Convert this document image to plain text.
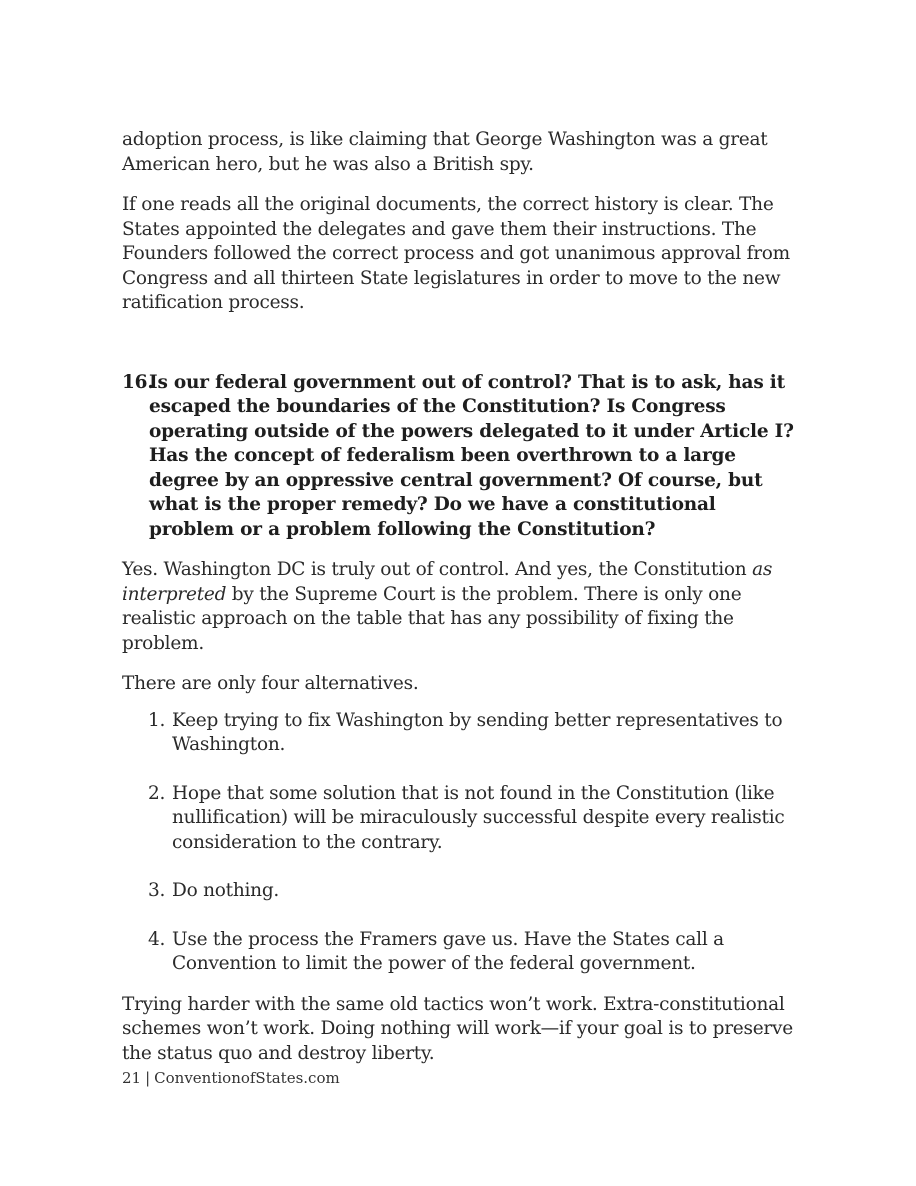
adoption process, is like claiming that George Washington was a great American hero, but he was also a British spy.

If one reads all the original documents, the correct history is clear. The States appointed the delegates and gave them their instructions. The Founders followed the correct process and got unanimous approval from Congress and all thirteen State legislatures in order to move to the new ratification process.

16.
Is our federal government out of control? That is to ask, has it escaped the boundaries of the Constitution? Is Congress operating outside of the powers delegated to it under Article I? Has the concept of federalism been overthrown to a large degree by an oppressive central government? Of course, but what is the proper remedy? Do we have a constitutional problem or a problem following the Constitution?

Yes. Washington DC is truly out of control. And yes, the Constitution as interpreted by the Supreme Court is the problem. There is only one realistic approach on the table that has any possibility of fixing the problem.

There are only four alternatives.

1. Keep trying to fix Washington by sending better representatives to Washington.
2. Hope that some solution that is not found in the Constitution (like nullification) will be miraculously successful despite every realistic consideration to the contrary.
3. Do nothing.
4. Use the process the Framers gave us. Have the States call a Convention to limit the power of the federal government.

Trying harder with the same old tactics won’t work. Extra-constitutional schemes won’t work. Doing nothing will work—if your goal is to preserve the status quo and destroy liberty.

21 | ConventionofStates.com
